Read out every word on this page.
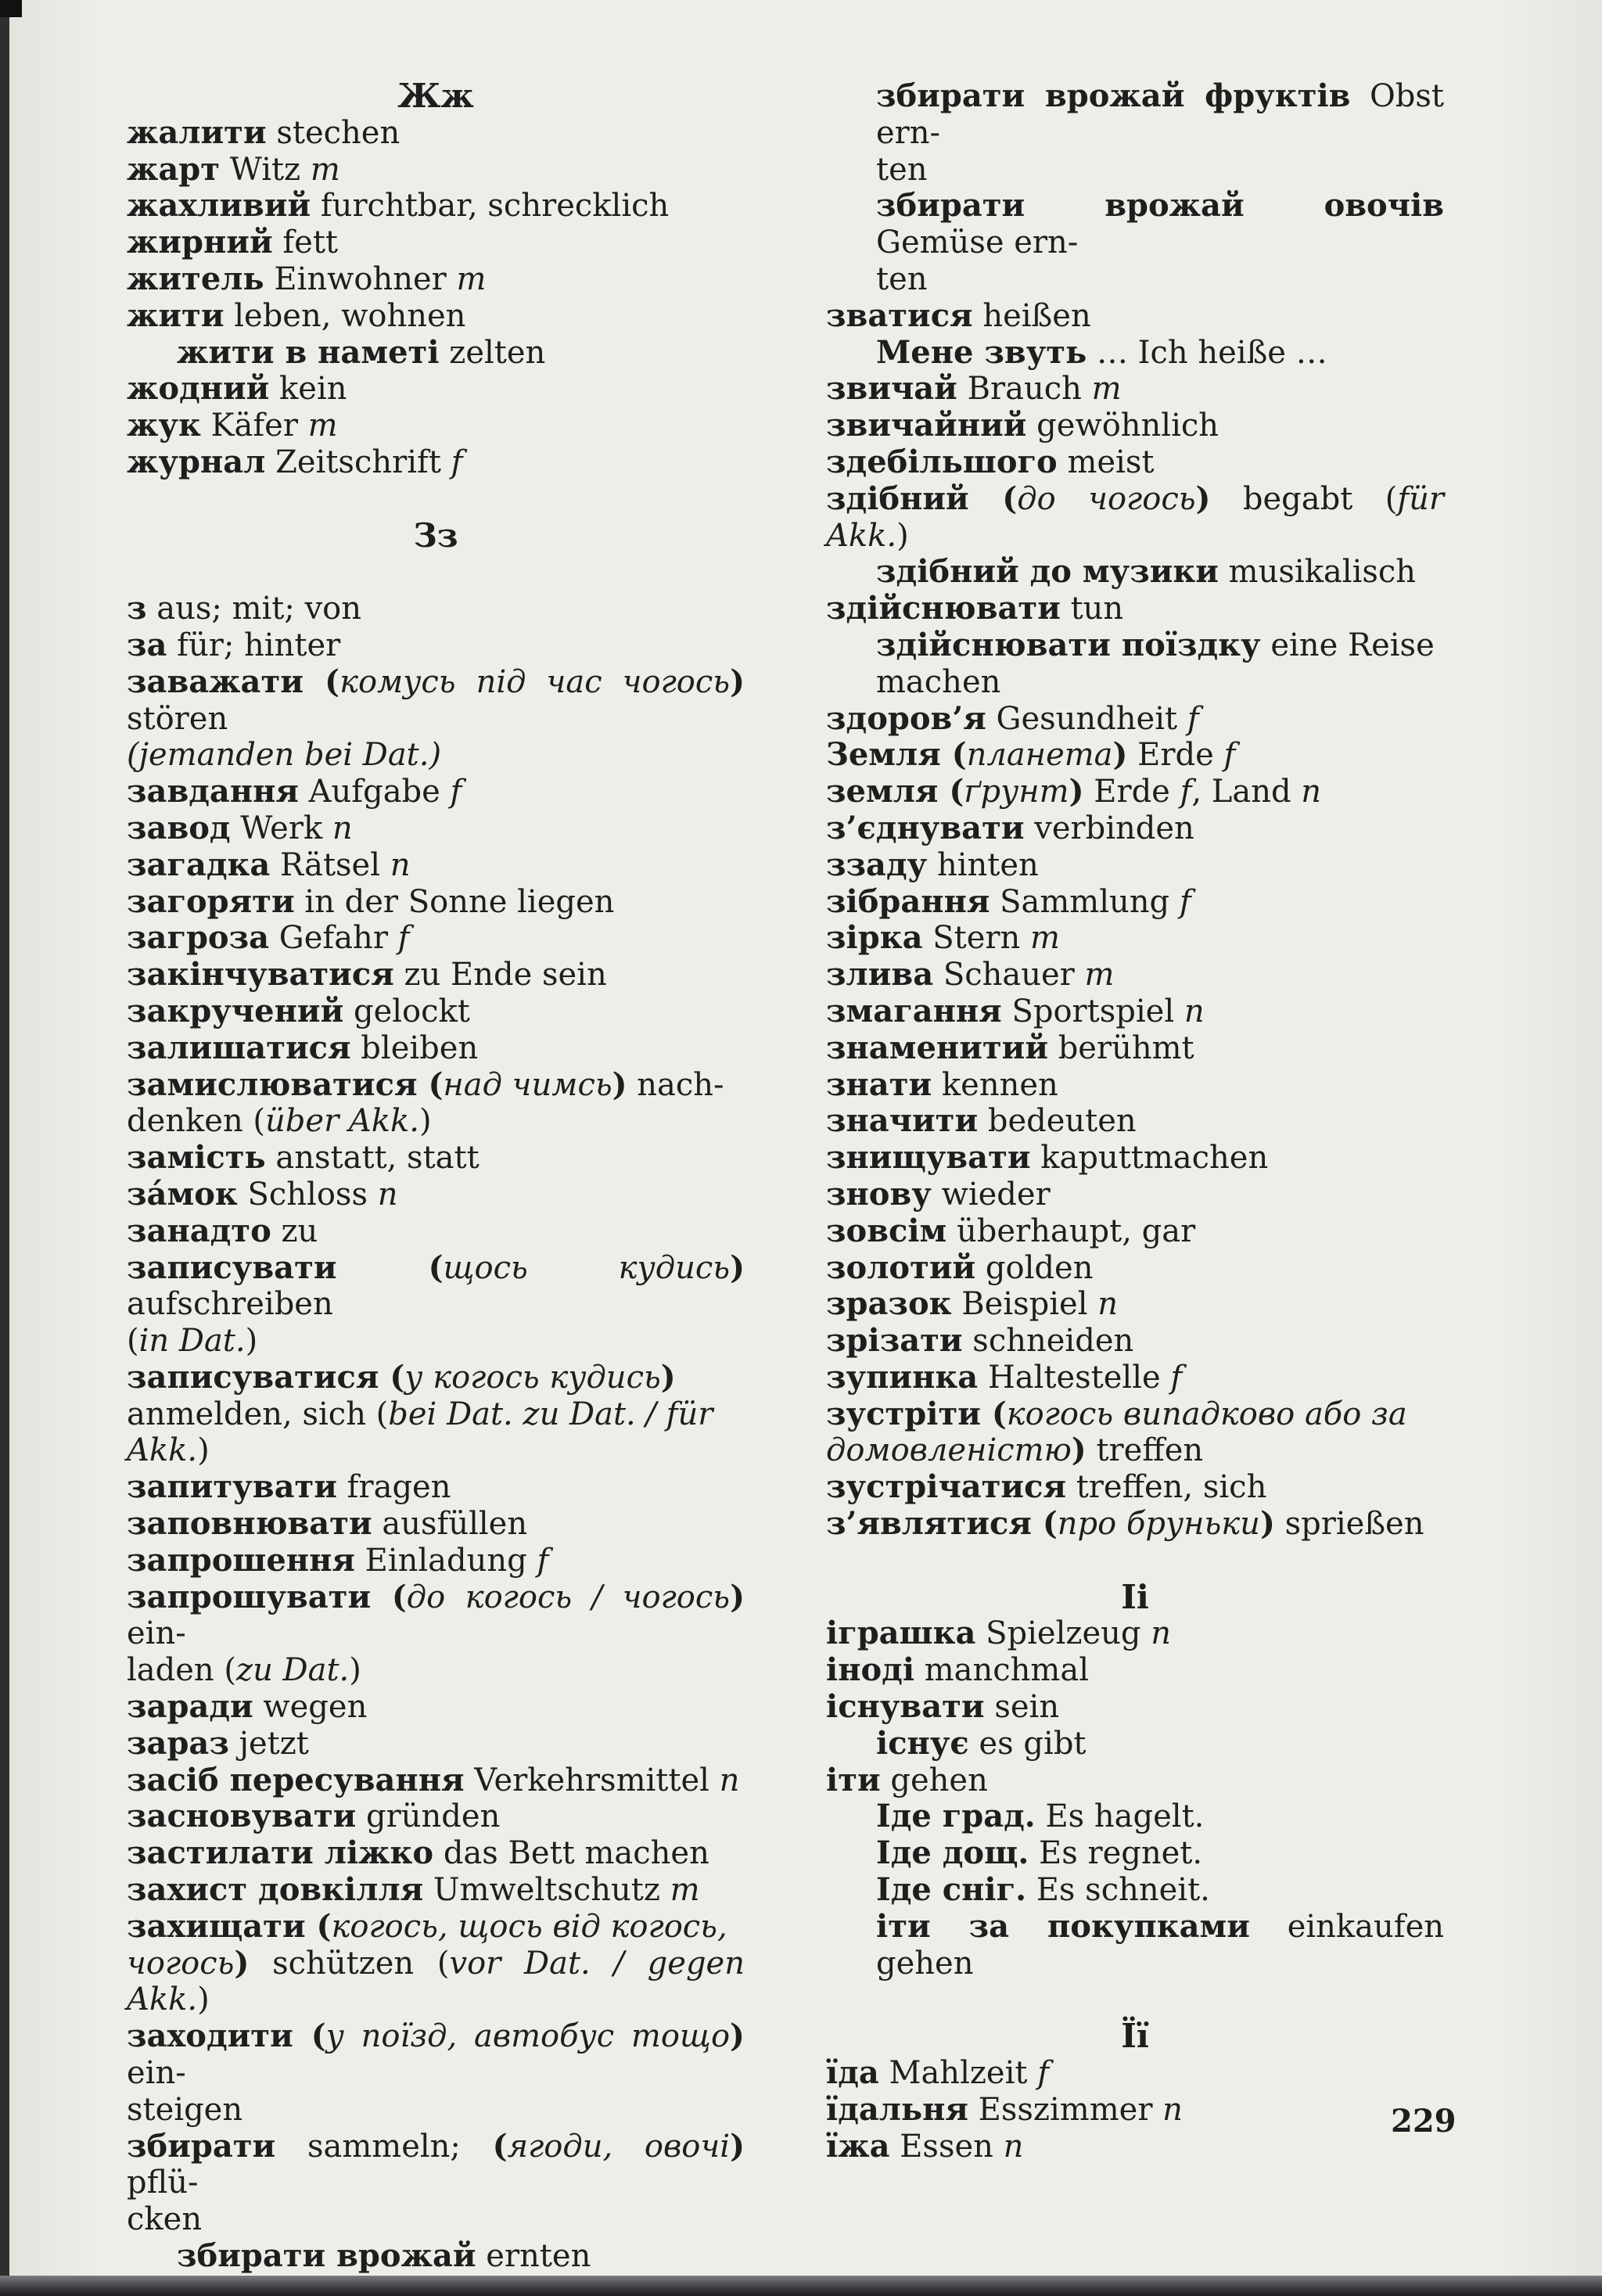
Жж
жалити stechen
жарт Witz m
жахливий furchtbar, schrecklich
жирний fett
житель Einwohner m
жити leben, wohnen
жити в наметі zelten
жодний kein
жук Käfer m
журнал Zeitschrift f
Зз
з aus; mit; von
за für; hinter
заважати (комусь під час чогось) stören
(jemanden bei Dat.)
завдання Aufgabe f
завод Werk n
загадка Rätsel n
загоряти in der Sonne liegen
загроза Gefahr f
закінчуватися zu Ende sein
закручений gelockt
залишатися bleiben
замислюватися (над чимсь) nach-
denken (über Akk.)
замість anstatt, statt
за́мок Schloss n
занадто zu
записувати (щось кудись) aufschreiben
(in Dat.)
записуватися (у когось кудись)
anmelden, sich (bei Dat. zu Dat. / für
Akk.)
запитувати fragen
заповнювати ausfüllen
запрошення Einladung f
запрошувати (до когось / чогось) ein-
laden (zu Dat.)
заради wegen
зараз jetzt
засіб пересування Verkehrsmittel n
засновувати gründen
застилати ліжко das Bett machen
захист довкілля Umweltschutz m
захищати (когось, щось від когось,
чогось) schützen (vor Dat. / gegen Akk.)
заходити (у поїзд, автобус тощо) ein-
steigen
збирати sammeln; (ягоди, овочі) pflü-
cken
збирати врожай ernten
збирати врожай фруктів Obst ern-
ten
збирати врожай овочів Gemüse ern-
ten
зватися heißen
Мене звуть … Ich heiße …
звичай Brauch m
звичайний gewöhnlich
здебільшого meist
здібний (до чогось) begabt (für Akk.)
здібний до музики musikalisch
здійснювати tun
здійснювати поїздку eine Reise
machen
здоров’я Gesundheit f
Земля (планета) Erde f
земля (ґрунт) Erde f, Land n
з’єднувати verbinden
ззаду hinten
зібрання Sammlung f
зірка Stern m
злива Schauer m
змагання Sportspiel n
знаменитий berühmt
знати kennen
значити bedeuten
знищувати kaputtmachen
знову wieder
зовсім überhaupt, gar
золотий golden
зразок Beispiel n
зрізати schneiden
зупинка Haltestelle f
зустріти (когось випадково або за
домовленістю) treffen
зустрічатися treffen, sich
з’являтися (про бруньки) sprießen
Іі
іграшка Spielzeug n
іноді manchmal
існувати sein
існує es gibt
іти gehen
Іде град. Es hagelt.
Іде дощ. Es regnet.
Іде сніг. Es schneit.
іти за покупками einkaufen gehen
Її
їда Mahlzeit f
їдальня Esszimmer n
їжа Essen n
229
